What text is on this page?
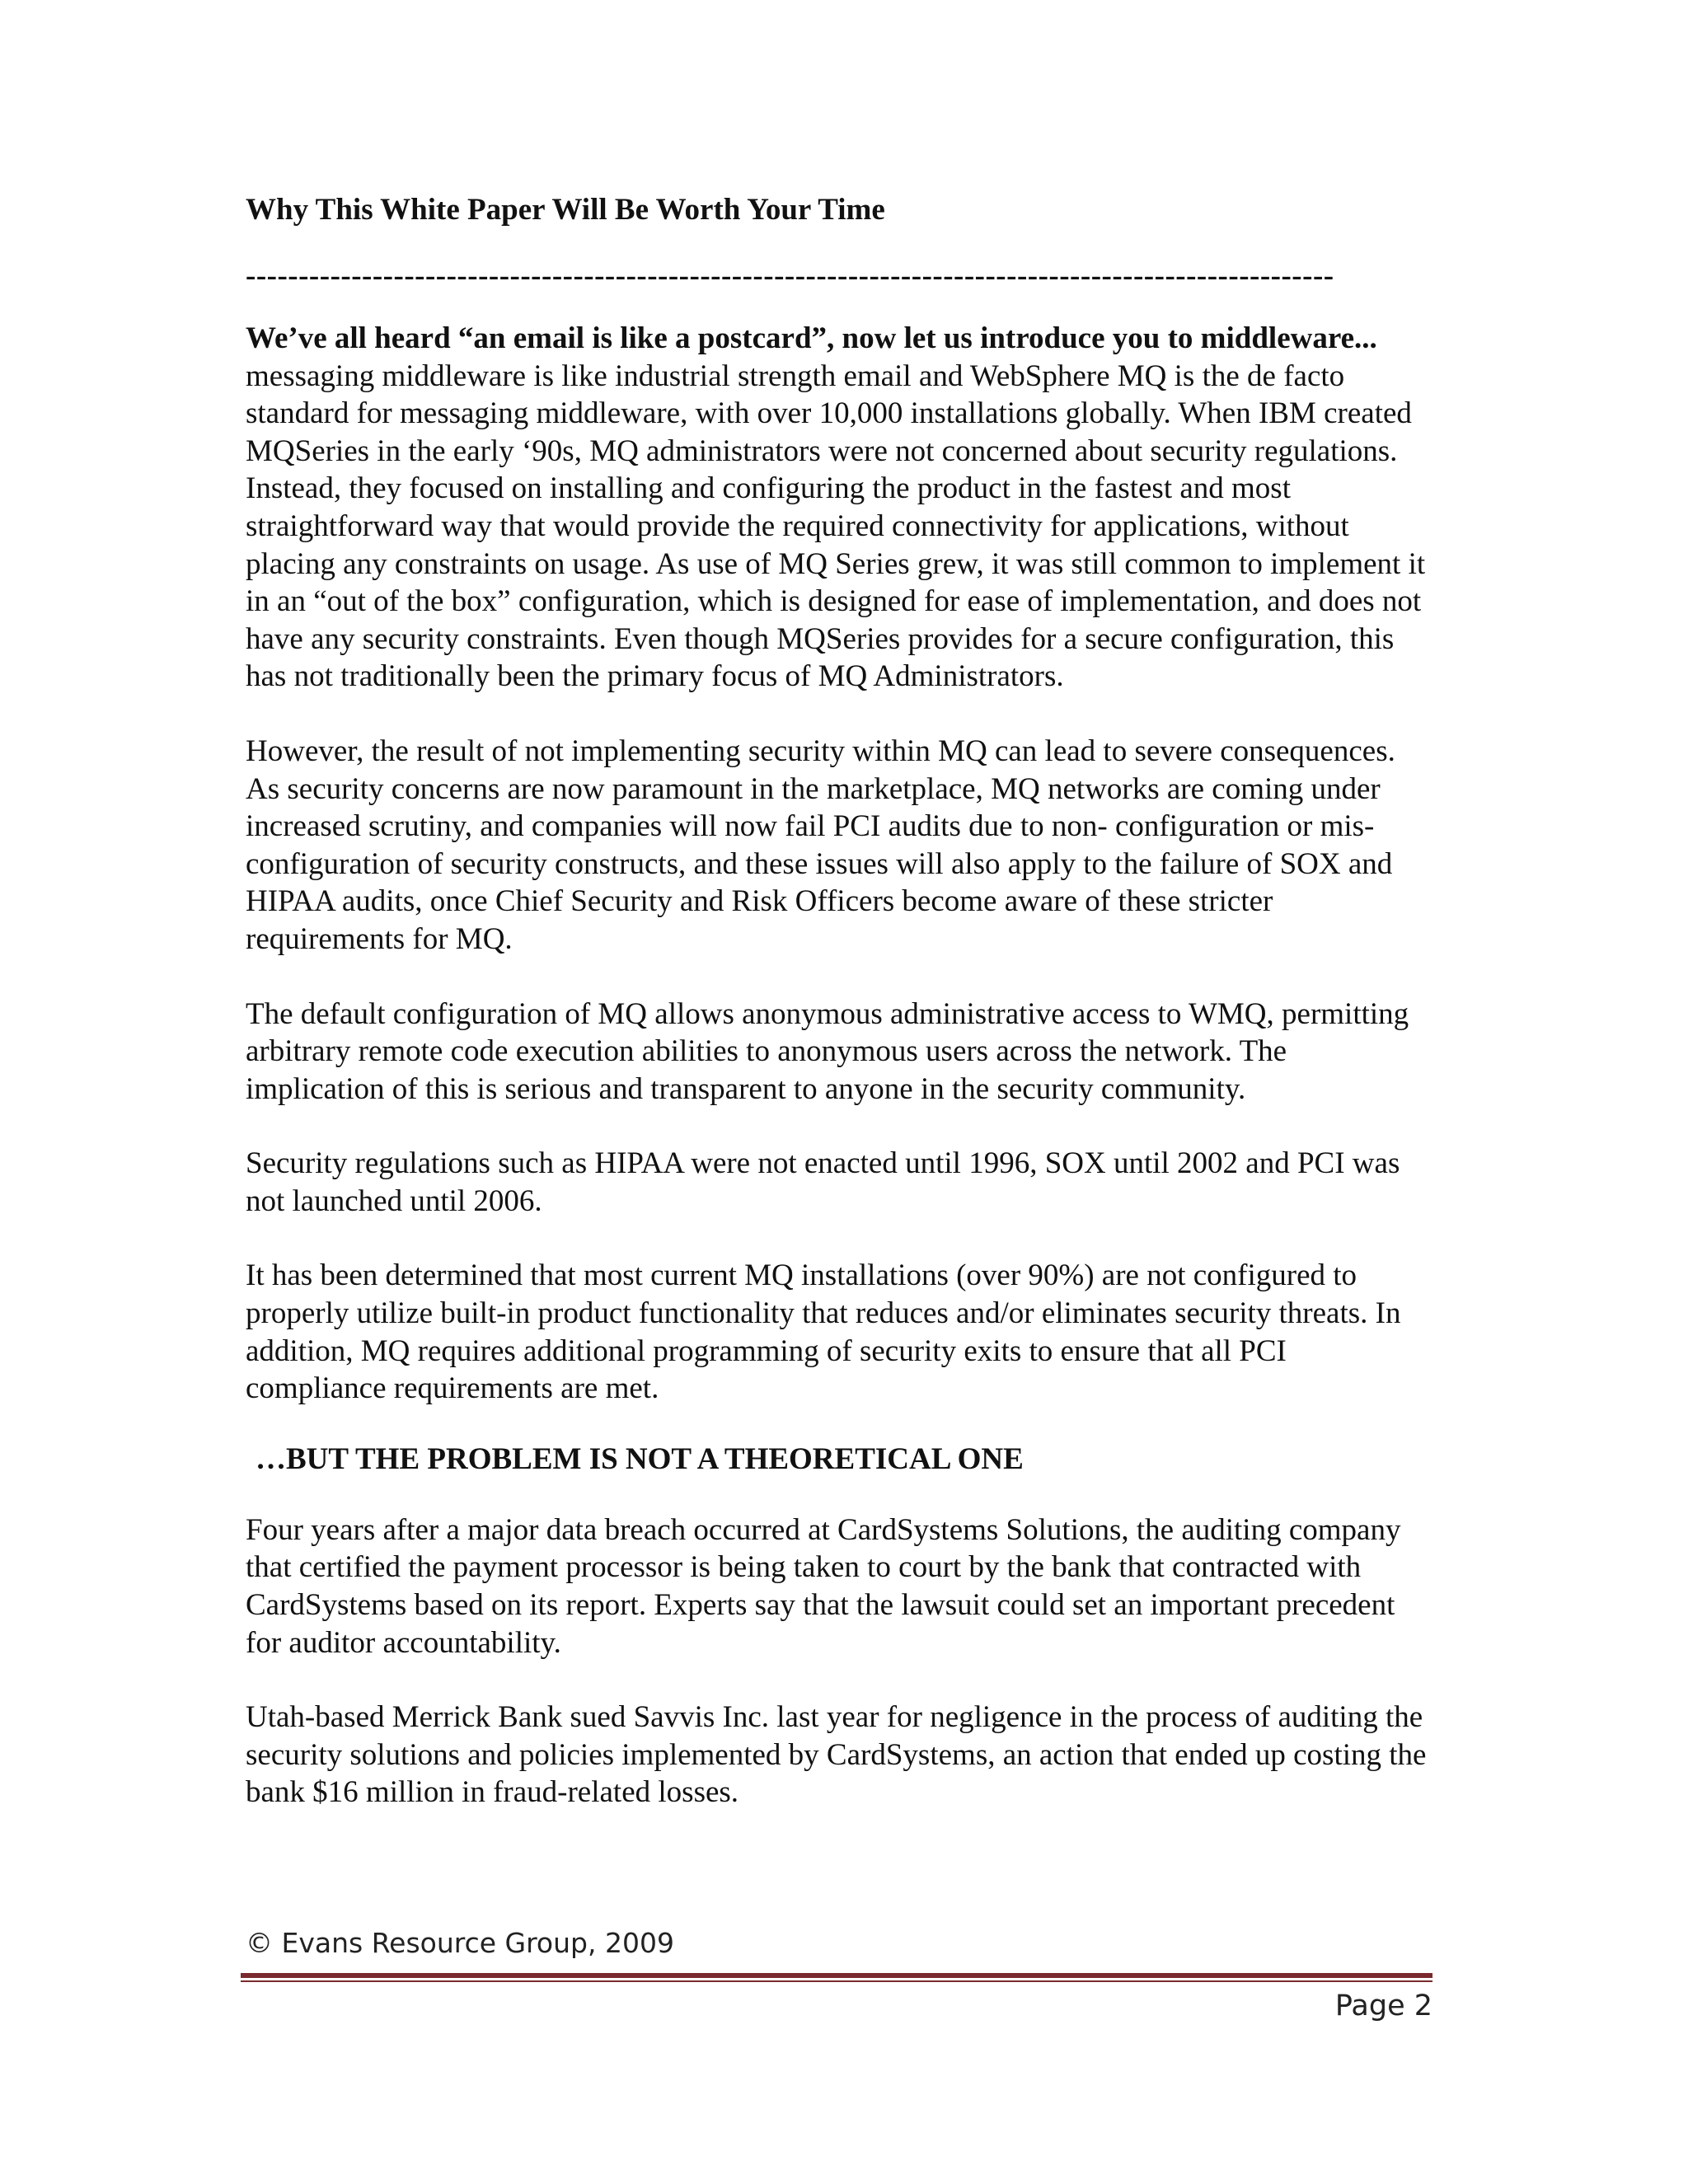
Why This White Paper Will Be Worth Your Time

-------------------------------------------------------------------------------------------------------

We’ve all heard “an email is like a postcard”, now let us introduce you to middleware... messaging middleware is like industrial strength email and WebSphere MQ is the de facto standard for messaging middleware, with over 10,000 installations globally. When IBM created MQSeries in the early ‘90s, MQ administrators were not concerned about security regulations. Instead, they focused on installing and configuring the product in the fastest and most straightforward way that would provide the required connectivity for applications, without placing any constraints on usage. As use of MQ Series grew, it was still common to implement it in an “out of the box” configuration, which is designed for ease of implementation, and does not have any security constraints. Even though MQSeries provides for a secure configuration, this has not traditionally been the primary focus of MQ Administrators.

However, the result of not implementing security within MQ can lead to severe consequences. As security concerns are now paramount in the marketplace, MQ networks are coming under increased scrutiny, and companies will now fail PCI audits due to non- configuration or mis-configuration of security constructs, and these issues will also apply to the failure of SOX and HIPAA audits, once Chief Security and Risk Officers become aware of these stricter requirements for MQ.

The default configuration of MQ allows anonymous administrative access to WMQ, permitting arbitrary remote code execution abilities to anonymous users across the network. The implication of this is serious and transparent to anyone in the security community.

Security regulations such as HIPAA were not enacted until 1996, SOX until 2002 and PCI was not launched until 2006.

It has been determined that most current MQ installations (over 90%) are not configured to properly utilize built-in product functionality that reduces and/or eliminates security threats. In addition, MQ requires additional programming of security exits to ensure that all PCI compliance requirements are met.

…BUT THE PROBLEM IS NOT A THEORETICAL ONE

Four years after a major data breach occurred at CardSystems Solutions, the auditing company that certified the payment processor is being taken to court by the bank that contracted with CardSystems based on its report. Experts say that the lawsuit could set an important precedent for auditor accountability.

Utah-based Merrick Bank sued Savvis Inc. last year for negligence in the process of auditing the security solutions and policies implemented by CardSystems, an action that ended up costing the bank $16 million in fraud-related losses.

© Evans Resource Group, 2009
Page 2
